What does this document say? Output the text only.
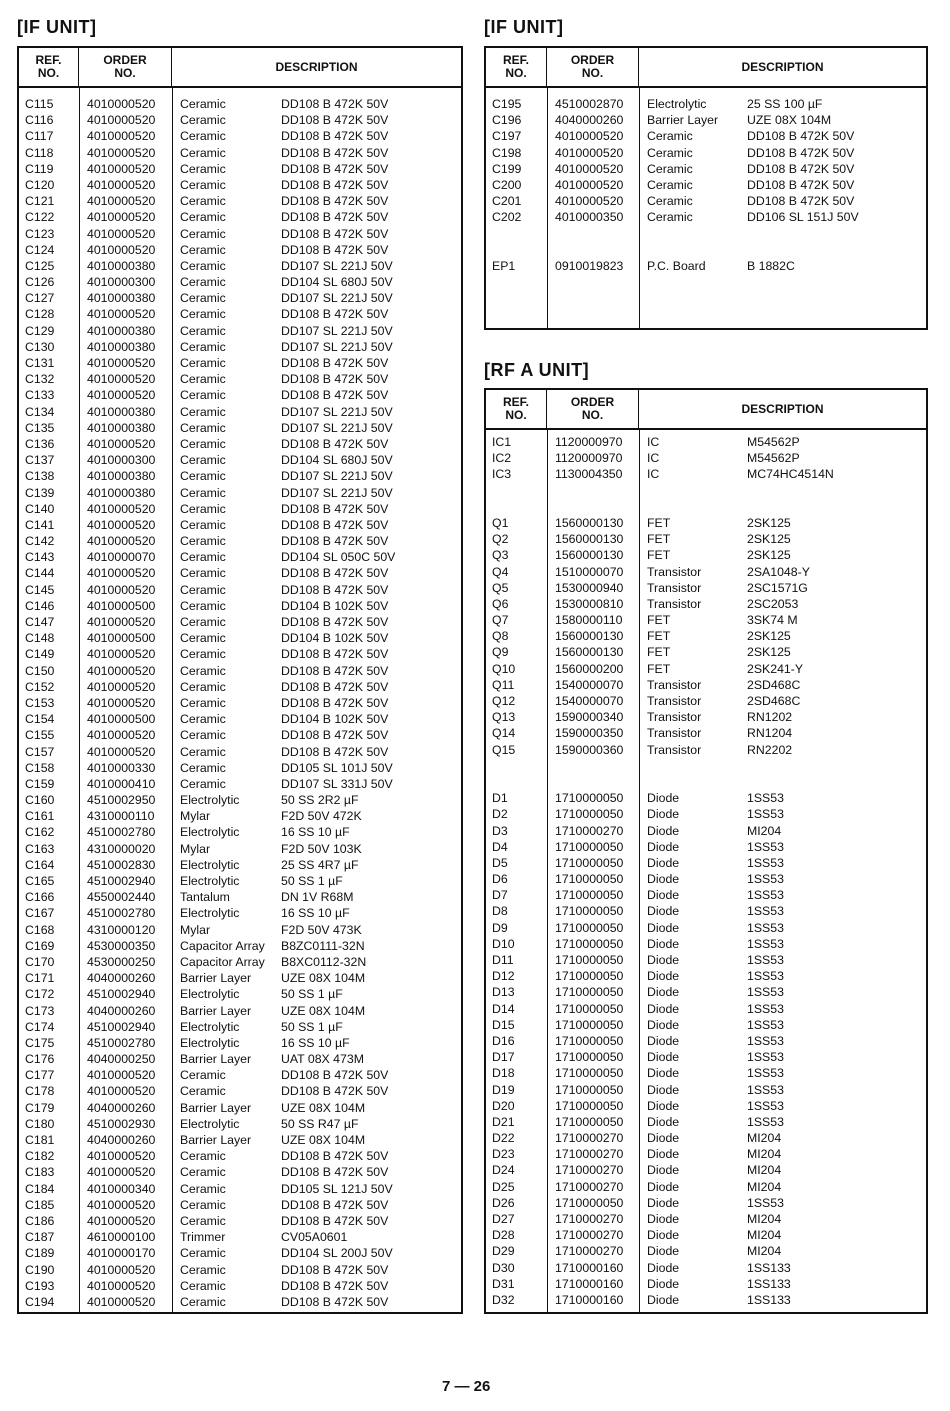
[IF UNIT]
REF.
NO.
ORDER
NO.	DESCRIPTION
C115	4010000520	Ceramic	DD108 B 472K 50V
C116	4010000520	Ceramic	DD108 B 472K 50V
C117	4010000520	Ceramic	DD108 B 472K 50V
C118	4010000520	Ceramic	DD108 B 472K 50V
C119	4010000520	Ceramic	DD108 B 472K 50V
C120	4010000520	Ceramic	DD108 B 472K 50V
C121	4010000520	Ceramic	DD108 B 472K 50V
C122	4010000520	Ceramic	DD108 B 472K 50V
C123	4010000520	Ceramic	DD108 B 472K 50V
C124	4010000520	Ceramic	DD108 B 472K 50V
C125	4010000380	Ceramic	DD107 SL 221J 50V
C126	4010000300	Ceramic	DD104 SL 680J 50V
C127	4010000380	Ceramic	DD107 SL 221J 50V
C128	4010000520	Ceramic	DD108 B 472K 50V
C129	4010000380	Ceramic	DD107 SL 221J 50V
C130	4010000380	Ceramic	DD107 SL 221J 50V
C131	4010000520	Ceramic	DD108 B 472K 50V
C132	4010000520	Ceramic	DD108 B 472K 50V
C133	4010000520	Ceramic	DD108 B 472K 50V
C134	4010000380	Ceramic	DD107 SL 221J 50V
C135	4010000380	Ceramic	DD107 SL 221J 50V
C136	4010000520	Ceramic	DD108 B 472K 50V
C137	4010000300	Ceramic	DD104 SL 680J 50V
C138	4010000380	Ceramic	DD107 SL 221J 50V
C139	4010000380	Ceramic	DD107 SL 221J 50V
C140	4010000520	Ceramic	DD108 B 472K 50V
C141	4010000520	Ceramic	DD108 B 472K 50V
C142	4010000520	Ceramic	DD108 B 472K 50V
C143	4010000070	Ceramic	DD104 SL 050C 50V
C144	4010000520	Ceramic	DD108 B 472K 50V
C145	4010000520	Ceramic	DD108 B 472K 50V
C146	4010000500	Ceramic	DD104 B 102K 50V
C147	4010000520	Ceramic	DD108 B 472K 50V
C148	4010000500	Ceramic	DD104 B 102K 50V
C149	4010000520	Ceramic	DD108 B 472K 50V
C150	4010000520	Ceramic	DD108 B 472K 50V
C152	4010000520	Ceramic	DD108 B 472K 50V
C153	4010000520	Ceramic	DD108 B 472K 50V
C154	4010000500	Ceramic	DD104 B 102K 50V
C155	4010000520	Ceramic	DD108 B 472K 50V
C157	4010000520	Ceramic	DD108 B 472K 50V
C158	4010000330	Ceramic	DD105 SL 101J 50V
C159	4010000410	Ceramic	DD107 SL 331J 50V
C160	4510002950	Electrolytic	50 SS 2R2 µF
C161	4310000110	Mylar	F2D 50V 472K
C162	4510002780	Electrolytic	16 SS 10 µF
C163	4310000020	Mylar	F2D 50V 103K
C164	4510002830	Electrolytic	25 SS 4R7 µF
C165	4510002940	Electrolytic	50 SS 1 µF
C166	4550002440	Tantalum	DN 1V R68M
C167	4510002780	Electrolytic	16 SS 10 µF
C168	4310000120	Mylar	F2D 50V 473K
C169	4530000350	Capacitor Array	B8ZC0111-32N
C170	4530000250	Capacitor Array	B8XC0112-32N
C171	4040000260	Barrier Layer	UZE 08X 104M
C172	4510002940	Electrolytic	50 SS 1 µF
C173	4040000260	Barrier Layer	UZE 08X 104M
C174	4510002940	Electrolytic	50 SS 1 µF
C175	4510002780	Electrolytic	16 SS 10 µF
C176	4040000250	Barrier Layer	UAT 08X 473M
C177	4010000520	Ceramic	DD108 B 472K 50V
C178	4010000520	Ceramic	DD108 B 472K 50V
C179	4040000260	Barrier Layer	UZE 08X 104M
C180	4510002930	Electrolytic	50 SS R47 µF
C181	4040000260	Barrier Layer	UZE 08X 104M
C182	4010000520	Ceramic	DD108 B 472K 50V
C183	4010000520	Ceramic	DD108 B 472K 50V
C184	4010000340	Ceramic	DD105 SL 121J 50V
C185	4010000520	Ceramic	DD108 B 472K 50V
C186	4010000520	Ceramic	DD108 B 472K 50V
C187	4610000100	Trimmer	CV05A0601
C189	4010000170	Ceramic	DD104 SL 200J 50V
C190	4010000520	Ceramic	DD108 B 472K 50V
C193	4010000520	Ceramic	DD108 B 472K 50V
C194	4010000520	Ceramic	DD108 B 472K 50V
[IF UNIT]
REF.
NO.
ORDER
NO.	DESCRIPTION
C195	4510002870	Electrolytic	25 SS 100 µF
C196	4040000260	Barrier Layer	UZE 08X 104M
C197	4010000520	Ceramic	DD108 B 472K 50V
C198	4010000520	Ceramic	DD108 B 472K 50V
C199	4010000520	Ceramic	DD108 B 472K 50V
C200	4010000520	Ceramic	DD108 B 472K 50V
C201	4010000520	Ceramic	DD108 B 472K 50V
C202	4010000350	Ceramic	DD106 SL 151J 50V
EP1	0910019823	P.C. Board	B 1882C
[RF A UNIT]
REF.
NO.
ORDER
NO.	DESCRIPTION
IC1	1120000970	IC	M54562P
IC2	1120000970	IC	M54562P
IC3	1130004350	IC	MC74HC4514N
Q1	1560000130	FET	2SK125
Q2	1560000130	FET	2SK125
Q3	1560000130	FET	2SK125
Q4	1510000070	Transistor	2SA1048-Y
Q5	1530000940	Transistor	2SC1571G
Q6	1530000810	Transistor	2SC2053
Q7	1580000110	FET	3SK74 M
Q8	1560000130	FET	2SK125
Q9	1560000130	FET	2SK125
Q10	1560000200	FET	2SK241-Y
Q11	1540000070	Transistor	2SD468C
Q12	1540000070	Transistor	2SD468C
Q13	1590000340	Transistor	RN1202
Q14	1590000350	Transistor	RN1204
Q15	1590000360	Transistor	RN2202
D1	1710000050	Diode	1SS53
D2	1710000050	Diode	1SS53
D3	1710000270	Diode	MI204
D4	1710000050	Diode	1SS53
D5	1710000050	Diode	1SS53
D6	1710000050	Diode	1SS53
D7	1710000050	Diode	1SS53
D8	1710000050	Diode	1SS53
D9	1710000050	Diode	1SS53
D10	1710000050	Diode	1SS53
D11	1710000050	Diode	1SS53
D12	1710000050	Diode	1SS53
D13	1710000050	Diode	1SS53
D14	1710000050	Diode	1SS53
D15	1710000050	Diode	1SS53
D16	1710000050	Diode	1SS53
D17	1710000050	Diode	1SS53
D18	1710000050	Diode	1SS53
D19	1710000050	Diode	1SS53
D20	1710000050	Diode	1SS53
D21	1710000050	Diode	1SS53
D22	1710000270	Diode	MI204
D23	1710000270	Diode	MI204
D24	1710000270	Diode	MI204
D25	1710000270	Diode	MI204
D26	1710000050	Diode	1SS53
D27	1710000270	Diode	MI204
D28	1710000270	Diode	MI204
D29	1710000270	Diode	MI204
D30	1710000160	Diode	1SS133
D31	1710000160	Diode	1SS133
D32	1710000160	Diode	1SS133
7 — 26
